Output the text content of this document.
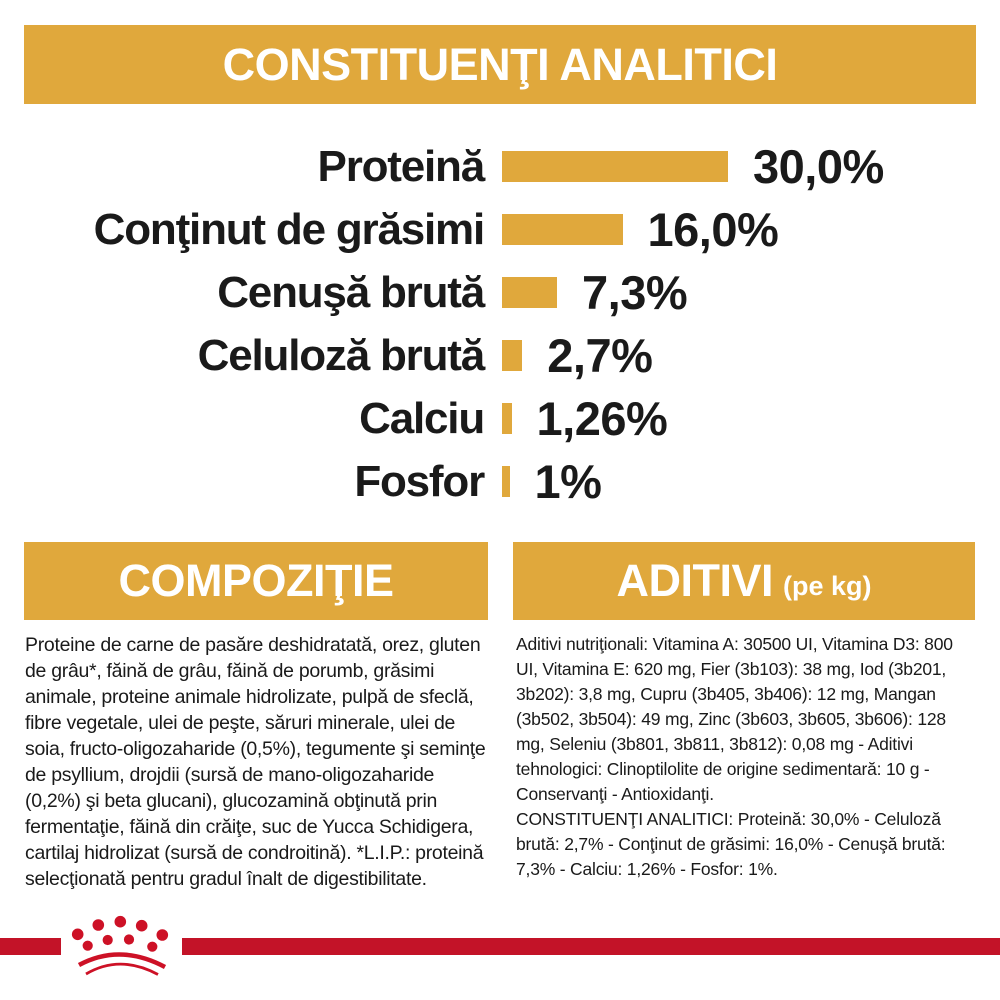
CONSTITUENŢI ANALITICI
Proteină	30,0%
Conţinut de grăsimi	16,0%
Cenuşă brută	7,3%
Celuloză brută	2,7%
Calciu	1,26%
Fosfor	1%
COMPOZIŢIE	ADITIVI (pe kg)

Proteine de carne de pasăre deshidratată, orez, gluten de grâu*, făină de grâu, făină de porumb, grăsimi animale, proteine animale hidrolizate, pulpă de sfeclă, fibre vegetale, ulei de peşte, săruri minerale, ulei de soia, fructo-oligozaharide (0,5%), tegumente şi seminţe de psyllium, drojdii (sursă de mano-oligozaharide (0,2%) şi beta glucani), glucozamină obţinută prin fermentaţie, făină din crăiţe, suc de Yucca Schidigera, cartilaj hidrolizat (sursă de condroitină). *L.I.P.: proteină selecţionată pentru gradul înalt de digestibilitate.

Aditivi nutriţionali: Vitamina A: 30500 UI, Vitamina D3: 800 UI, Vitamina E: 620 mg, Fier (3b103): 38 mg, Iod (3b201, 3b202): 3,8 mg, Cupru (3b405, 3b406): 12 mg, Mangan (3b502, 3b504): 49 mg, Zinc (3b603, 3b605, 3b606): 128 mg, Seleniu (3b801, 3b811, 3b812): 0,08 mg - Aditivi tehnologici: Clinoptilolite de origine sedimentară: 10 g - Conservanţi - Antioxidanţi.

CONSTITUENŢI ANALITICI: Proteină: 30,0% - Celuloză brută: 2,7% - Conţinut de grăsimi: 16,0% - Cenuşă brută: 7,3% - Calciu: 1,26% - Fosfor: 1%.
